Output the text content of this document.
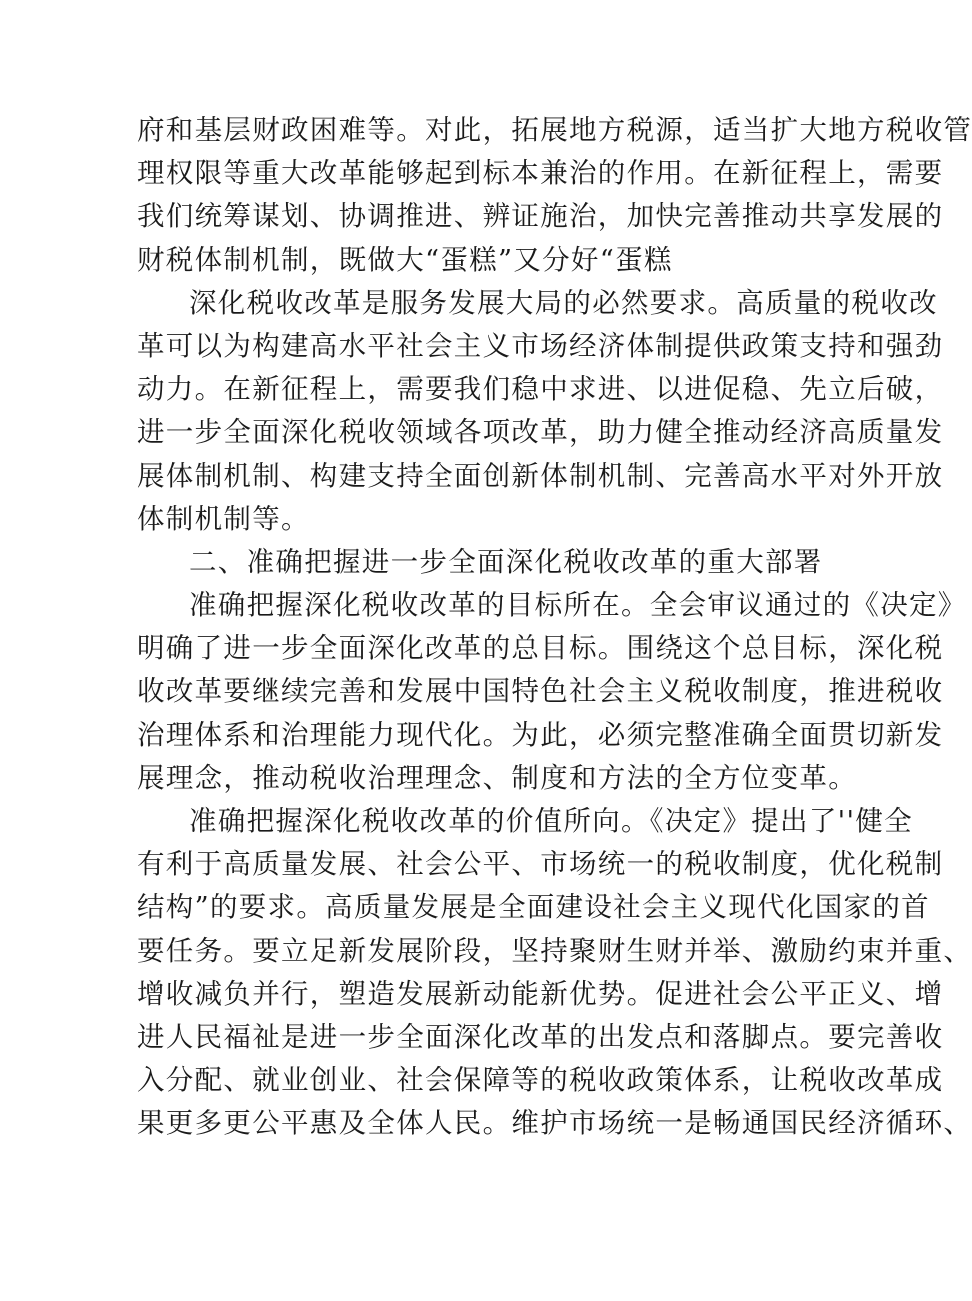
府和基层财政困难等。对此，拓展地方税源，适当扩大地方税收管
理权限等重大改革能够起到标本兼治的作用。在新征程上，需要
我们统筹谋划、协调推进、辨证施治，加快完善推动共享发展的
财税体制机制，既做大“蛋糕”又分好“蛋糕
深化税收改革是服务发展大局的必然要求。高质量的税收改
革可以为构建高水平社会主义市场经济体制提供政策支持和强劲
动力。在新征程上，需要我们稳中求进、以进促稳、先立后破，
进一步全面深化税收领域各项改革，助力健全推动经济高质量发
展体制机制、构建支持全面创新体制机制、完善高水平对外开放
体制机制等。
二、准确把握进一步全面深化税收改革的重大部署
准确把握深化税收改革的目标所在。全会审议通过的《决定》
明确了进一步全面深化改革的总目标。围绕这个总目标，深化税
收改革要继续完善和发展中国特色社会主义税收制度，推进税收
治理体系和治理能力现代化。为此，必须完整准确全面贯切新发
展理念，推动税收治理理念、制度和方法的全方位变革。
准确把握深化税收改革的价值所向。《决定》提出了''健全
有利于高质量发展、社会公平、市场统一的税收制度，优化税制
结构”的要求。高质量发展是全面建设社会主义现代化国家的首
要任务。要立足新发展阶段，坚持聚财生财并举、激励约束并重、
增收减负并行，塑造发展新动能新优势。促进社会公平正义、增
进人民福祉是进一步全面深化改革的出发点和落脚点。要完善收
入分配、就业创业、社会保障等的税收政策体系，让税收改革成
果更多更公平惠及全体人民。维护市场统一是畅通国民经济循环、
